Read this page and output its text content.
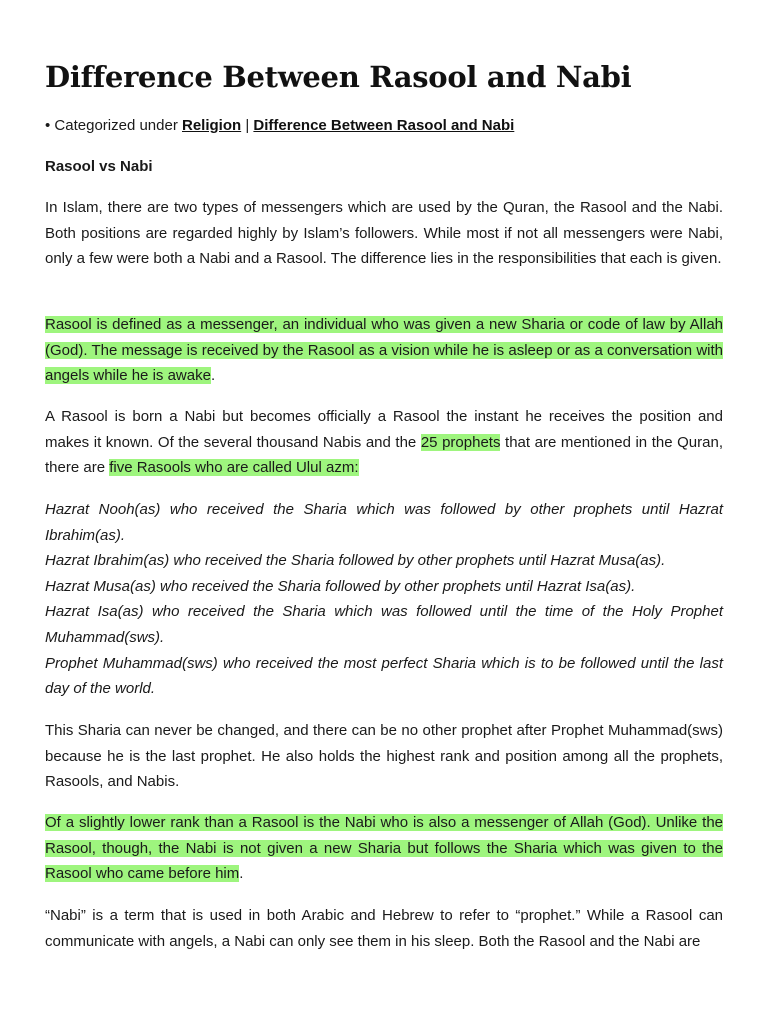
Difference Between Rasool and Nabi
• Categorized under Religion | Difference Between Rasool and Nabi
Rasool vs Nabi

In Islam, there are two types of messengers which are used by the Quran, the Rasool and the Nabi. Both positions are regarded highly by Islam’s followers. While most if not all messengers were Nabi, only a few were both a Nabi and a Rasool. The difference lies in the responsibilities that each is given.

Rasool is defined as a messenger, an individual who was given a new Sharia or code of law by Allah (God). The message is received by the Rasool as a vision while he is asleep or as a conversation with angels while he is awake.

A Rasool is born a Nabi but becomes officially a Rasool the instant he receives the position and makes it known. Of the several thousand Nabis and the 25 prophets that are mentioned in the Quran, there are five Rasools who are called Ulul azm:

Hazrat Nooh(as) who received the Sharia which was followed by other prophets until Hazrat Ibrahim(as).
Hazrat Ibrahim(as) who received the Sharia followed by other prophets until Hazrat Musa(as).
Hazrat Musa(as) who received the Sharia followed by other prophets until Hazrat Isa(as).
Hazrat Isa(as) who received the Sharia which was followed until the time of the Holy Prophet Muhammad(sws).
Prophet Muhammad(sws) who received the most perfect Sharia which is to be followed until the last day of the world.

This Sharia can never be changed, and there can be no other prophet after Prophet Muhammad(sws) because he is the last prophet. He also holds the highest rank and position among all the prophets, Rasools, and Nabis.

Of a slightly lower rank than a Rasool is the Nabi who is also a messenger of Allah (God). Unlike the Rasool, though, the Nabi is not given a new Sharia but follows the Sharia which was given to the Rasool who came before him.

“Nabi” is a term that is used in both Arabic and Hebrew to refer to “prophet.” While a Rasool can communicate with angels, a Nabi can only see them in his sleep. Both the Rasool and the Nabi are
